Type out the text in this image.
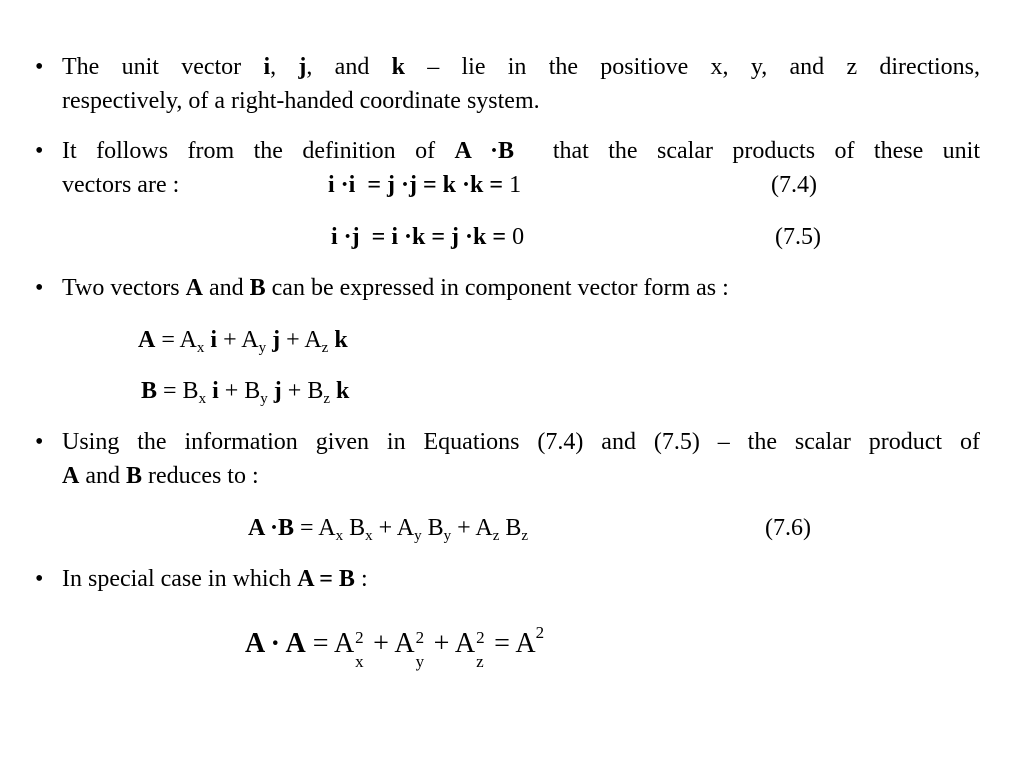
• The unit vector i, j, and k – lie in the positiove x, y, and z directions,
respectively, of a right-handed coordinate system.
• It follows from the definition of A ·B  that the scalar products of these unit
vectors are :	i ·i  = j ·j = k ·k = 1	(7.4)
i ·j  = i ·k = j ·k = 0	(7.5)
• Two vectors A and B can be expressed in component vector form as :
$A = A_x$ $i + A_y$ $j + A_z$ k
$B = B_x$ $i + B_y$ $j + B_z$ k
• Using the information given in Equations (7.4) and (7.5) – the scalar product of
A and B reduces to :
$A \cdot B = A_x$ $B_x + A_y$ $B_y + A_z$ $B_z$	(7.6)
• In special case in which A = B :
A · A = A 2
x
+ A 2
y
+ A 2
z
= $A^2$
